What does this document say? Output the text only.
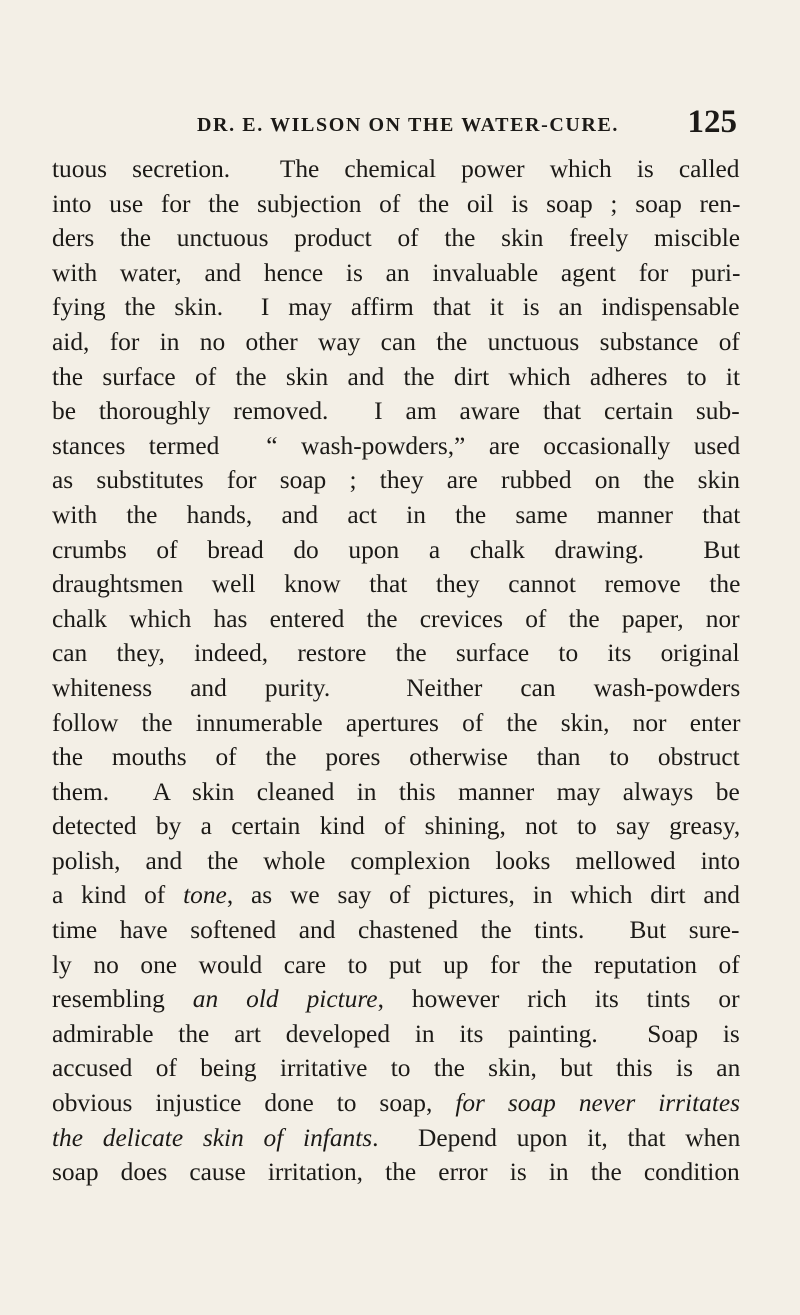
DR. E. WILSON ON THE WATER-CURE. 125
tuous secretion.  The chemical power which is called
into use for the subjection of the oil is soap ; soap ren-
ders the unctuous product of the skin freely miscible
with water, and hence is an invaluable agent for puri-
fying the skin.  I may affirm that it is an indispensable
aid, for in no other way can the unctuous substance of
the surface of the skin and the dirt which adheres to it
be thoroughly removed.  I am aware that certain sub-
stances termed  “ wash-powders,” are occasionally used
as substitutes for soap ; they are rubbed on the skin
with the hands, and act in the same manner that
crumbs of bread do upon a chalk drawing.  But
draughtsmen well know that they cannot remove the
chalk which has entered the crevices of the paper, nor
can they, indeed, restore the surface to its original
whiteness and purity.  Neither can wash-powders
follow the innumerable apertures of the skin, nor enter
the mouths of the pores otherwise than to obstruct
them.  A skin cleaned in this manner may always be
detected by a certain kind of shining, not to say greasy,
polish, and the whole complexion looks mellowed into
a kind of tone, as we say of pictures, in which dirt and
time have softened and chastened the tints.  But sure-
ly no one would care to put up for the reputation of
resembling an old picture, however rich its tints or
admirable the art developed in its painting.  Soap is
accused of being irritative to the skin, but this is an
obvious injustice done to soap, for soap never irritates
the delicate skin of infants.  Depend upon it, that when
soap does cause irritation, the error is in the condition
